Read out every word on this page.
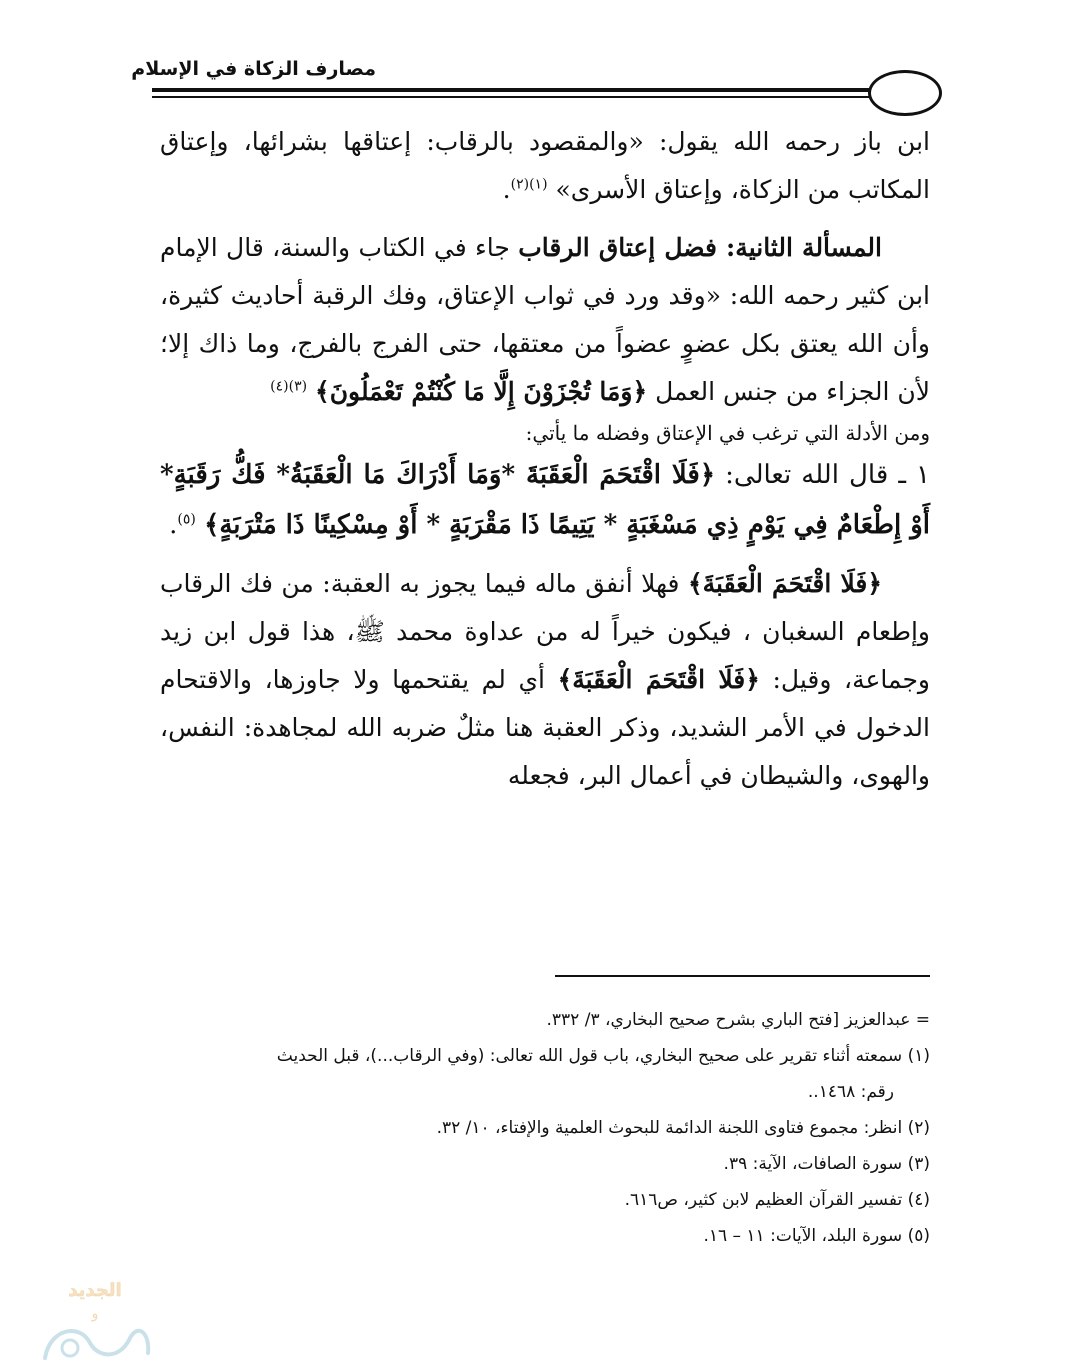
مصارف الزكاة في الإسلام

ابن باز رحمه الله يقول: «والمقصود بالرقاب: إعتاقها بشرائها، وإعتاق المكاتب من الزكاة، وإعتاق الأسرى» $^{(١)(٢)}$.

المسألة الثانية: فضل إعتاق الرقاب جاء في الكتاب والسنة، قال الإمام ابن كثير رحمه الله: «وقد ورد في ثواب الإعتاق، وفك الرقبة أحاديث كثيرة، وأن الله يعتق بكل عضوٍ عضواً من معتقها، حتى الفرج بالفرج، وما ذاك إلا؛ لأن الجزاء من جنس العمل ﴿وَمَا تُجْزَوْنَ إِلَّا مَا كُنْتُمْ تَعْمَلُونَ﴾ $^{(٣)(٤)}$

ومن الأدلة التي ترغب في الإعتاق وفضله ما يأتي:

١ ـ قال الله تعالى: ﴿فَلَا اقْتَحَمَ الْعَقَبَةَ *وَمَا أَدْرَاكَ مَا الْعَقَبَةُ* فَكُّ رَقَبَةٍ* أَوْ إِطْعَامٌ فِي يَوْمٍ ذِي مَسْغَبَةٍ * يَتِيمًا ذَا مَقْرَبَةٍ * أَوْ مِسْكِينًا ذَا مَتْرَبَةٍ﴾ $^{(٥)}$.

﴿فَلَا اقْتَحَمَ الْعَقَبَةَ﴾ فهلا أنفق ماله فيما يجوز به العقبة: من فك الرقاب وإطعام السغبان ، فيكون خيراً له من عداوة محمد ﷺ، هذا قول ابن زيد وجماعة، وقيل: ﴿فَلَا اقْتَحَمَ الْعَقَبَةَ﴾ أي لم يقتحمها ولا جاوزها، والاقتحام الدخول في الأمر الشديد، وذكر العقبة هنا مثلٌ ضربه الله لمجاهدة: النفس، والهوى، والشيطان في أعمال البر، فجعله

= عبدالعزيز [فتح الباري بشرح صحيح البخاري، ٣/ ٣٣٢.
(١) سمعته أثناء تقرير على صحيح البخاري، باب قول الله تعالى: (وفي الرقاب...)، قبل الحديث
رقم: ١٤٦٨..
(٢) انظر: مجموع فتاوى اللجنة الدائمة للبحوث العلمية والإفتاء، ١٠/ ٣٢.
(٣) سورة الصافات، الآية: ٣٩.
(٤) تفسير القرآن العظيم لابن كثير، ص٦١٦.
(٥) سورة البلد، الآيات: ١١ – ١٦.
الجديد
و
